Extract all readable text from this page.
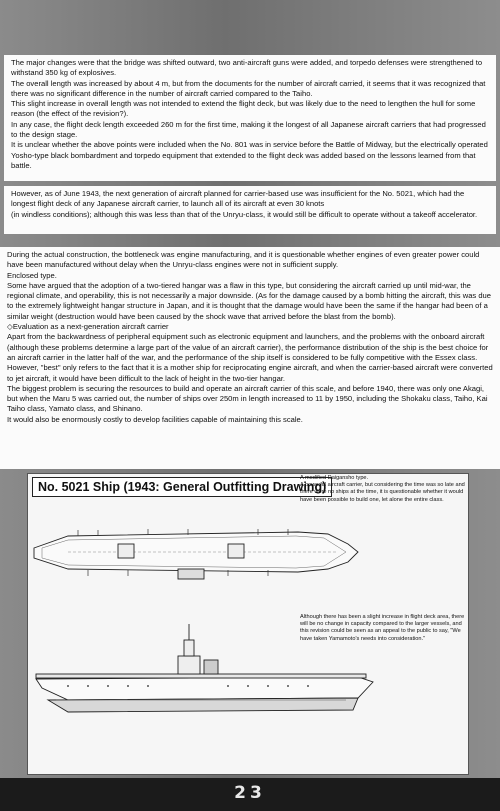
The major changes were that the bridge was shifted outward, two anti-aircraft guns were added, and torpedo defenses were strengthened to withstand 350 kg of explosives.
The overall length was increased by about 4 m, but from the documents for the number of aircraft carried, it seems that it was recognized that there was no significant difference in the number of aircraft carried compared to the Taiho.
This slight increase in overall length was not intended to extend the flight deck, but was likely due to the need to lengthen the hull for some reason (the effect of the revision?).
In any case, the flight deck length exceeded 260 m for the first time, making it the longest of all Japanese aircraft carriers that had progressed to the design stage.
It is unclear whether the above points were included when the No. 801 was in service before the Battle of Midway, but the electrically operated Yosho-type black bombardment and torpedo equipment that extended to the flight deck was added based on the lessons learned from that battle.
However, as of June 1943, the next generation of aircraft planned for carrier-based use was insufficient for the No. 5021, which had the longest flight deck of any Japanese aircraft carrier, to launch all of its aircraft at even 30 knots
(in windless conditions); although this was less than that of the Unryu-class, it would still be difficult to operate without a takeoff accelerator.
During the actual construction, the bottleneck was engine manufacturing, and it is questionable whether engines of even greater power could have been manufactured without delay when the Unryu-class engines were not in sufficient supply.
Enclosed type.
Some have argued that the adoption of a two-tiered hangar was a flaw in this type, but considering the aircraft carried up until mid-war, the regional climate, and operability, this is not necessarily a major downside. (As for the damage caused by a bomb hitting the aircraft, this was due to the extremely lightweight hangar structure in Japan, and it is thought that the damage would have been the same if the hangar had been of a similar weight (destruction would have been caused by the shock wave that arrived before the blast from the bomb).
◇Evaluation as a next-generation aircraft carrier
Apart from the backwardness of peripheral equipment such as electronic equipment and launchers, and the problems with the onboard aircraft (although these problems determine a large part of the value of an aircraft carrier), the performance distribution of the ship is the best choice for an aircraft carrier in the latter half of the war, and the performance of the ship itself is considered to be fully competitive with the Essex class. However, "best" only refers to the fact that it is a mother ship for reciprocating engine aircraft, and when the carrier-based aircraft were converted to jet aircraft, it would have been difficult to the lack of height in the two-tier hangar.
The biggest problem is securing the resources to build and operate an aircraft carrier of this scale, and before 1940, there was only one Akagi, but when the Maru 5 was carried out, the number of ships over 250m in length increased to 11 by 1950, including the Shokaku class, Taiho, Kai Taiho class, Yamato class, and Shinano.
It would also be enormously costly to develop facilities capable of maintaining this scale.
No. 5021 Ship (1943: General Outfitting Drawing)
A modified Daigansho type.
A powerful aircraft carrier, but considering the time was so late and there were no ships at the time, it is questionable whether it would have been possible to build one, let alone the entire class.
Although there has been a slight increase in flight deck area, there will be no change in capacity compared to the larger vessels, and this revision could be seen as an appeal to the public to say, "We have taken Yamamoto's needs into consideration."
23
